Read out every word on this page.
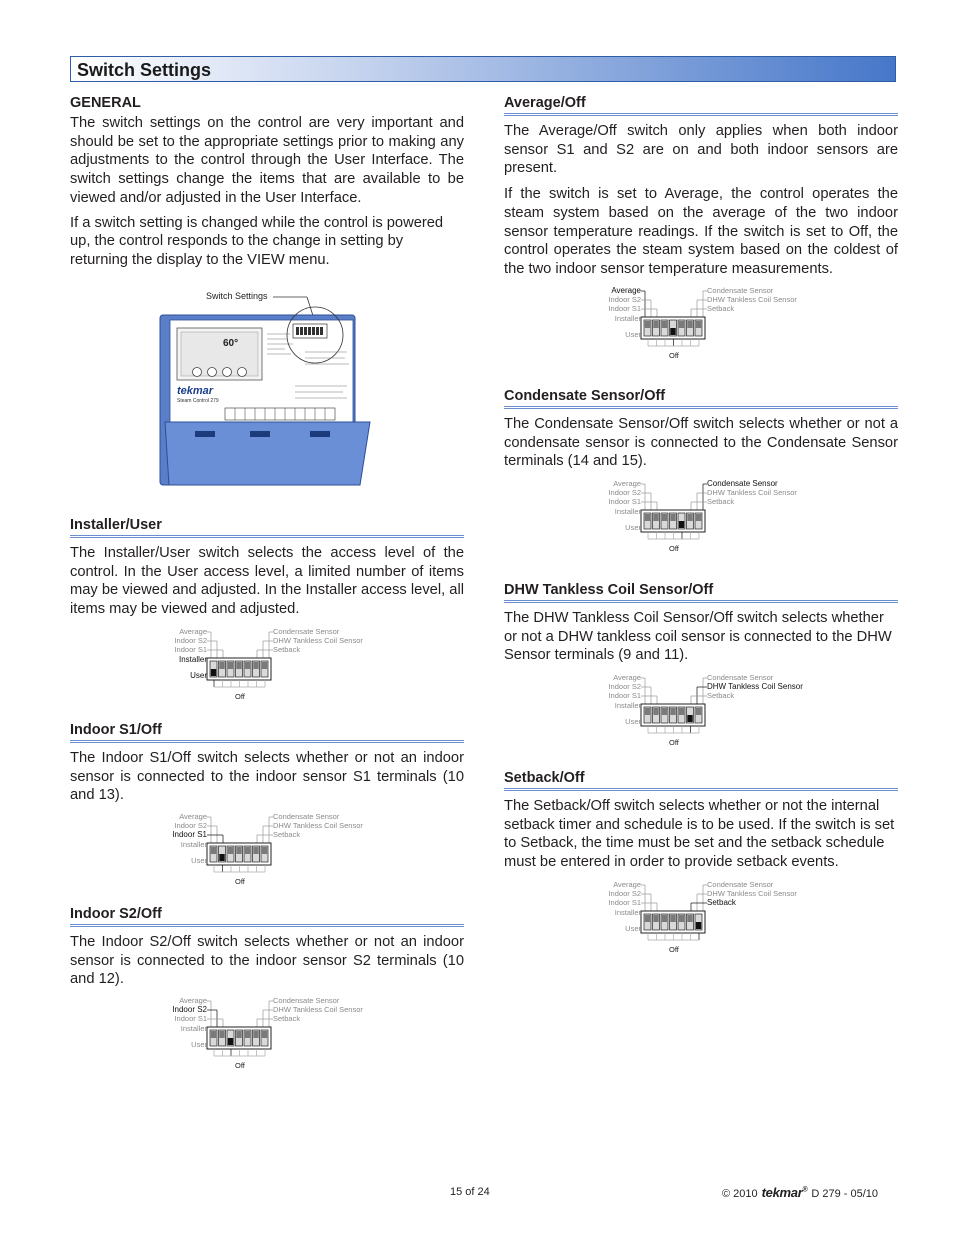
Switch Settings

GENERAL

The switch settings on the control are very important and should be set to the appropriate settings prior to making any adjustments to the control through the User Interface. The switch settings change the items that are available to be viewed and/or adjusted in the User Interface.

If a switch setting is changed while the control is powered up, the control responds to the change in setting by returning the display to the VIEW menu.

Switch Settings
60°
tekmar
Steam Control 279

Installer/User

The Installer/User switch selects the access level of the control. In the User access level, a limited number of items may be viewed and adjusted. In the Installer access level, all items may be viewed and adjusted.

Indoor S1/Off

The Indoor S1/Off switch selects whether or not an indoor sensor is connected to the indoor sensor S1 terminals (10 and 13).

Indoor S2/Off

The Indoor S2/Off switch selects whether or not an indoor sensor is connected to the indoor sensor S2 terminals (10 and 12).

Average/Off

The Average/Off switch only applies when both indoor sensor S1 and S2 are on and both indoor sensors are present.

If the switch is set to Average, the control operates the steam system based on the average of the two indoor sensor temperature readings. If the switch is set to Off, the control operates the steam system based on the coldest of the two indoor sensor temperature measurements.

Condensate Sensor/Off

The Condensate Sensor/Off switch selects whether or not a condensate sensor is connected to the Condensate Sensor terminals (14 and 15).

DHW Tankless Coil Sensor/Off

The DHW Tankless Coil Sensor/Off switch selects whether or not a DHW tankless coil sensor is connected to the DHW Sensor terminals (9 and 11).

Setback/Off

The Setback/Off switch selects whether or not the internal setback timer and schedule is to be used. If the switch is set to Setback, the time must be set and the setback schedule must be entered in order to provide setback events.

Average
Indoor S2
Indoor S1
Installer
User
Condensate Sensor
DHW Tankless Coil Sensor
Setback
Off
Average
Indoor S2
Indoor S1
Installer
User
Condensate Sensor
DHW Tankless Coil Sensor
Setback
Off
Average
Indoor S2
Indoor S1
Installer
User
Condensate Sensor
DHW Tankless Coil Sensor
Setback
Off
Average
Indoor S2
Indoor S1
Installer
User
Condensate Sensor
DHW Tankless Coil Sensor
Setback
Off
Average
Indoor S2
Indoor S1
Installer
User
Condensate Sensor
DHW Tankless Coil Sensor
Setback
Off
Average
Indoor S2
Indoor S1
Installer
User
Condensate Sensor
DHW Tankless Coil Sensor
Setback
Off
Average
Indoor S2
Indoor S1
Installer
User
Condensate Sensor
DHW Tankless Coil Sensor
Setback
Off
15 of 24	© 2010 tekmar® D 279 - 05/10
